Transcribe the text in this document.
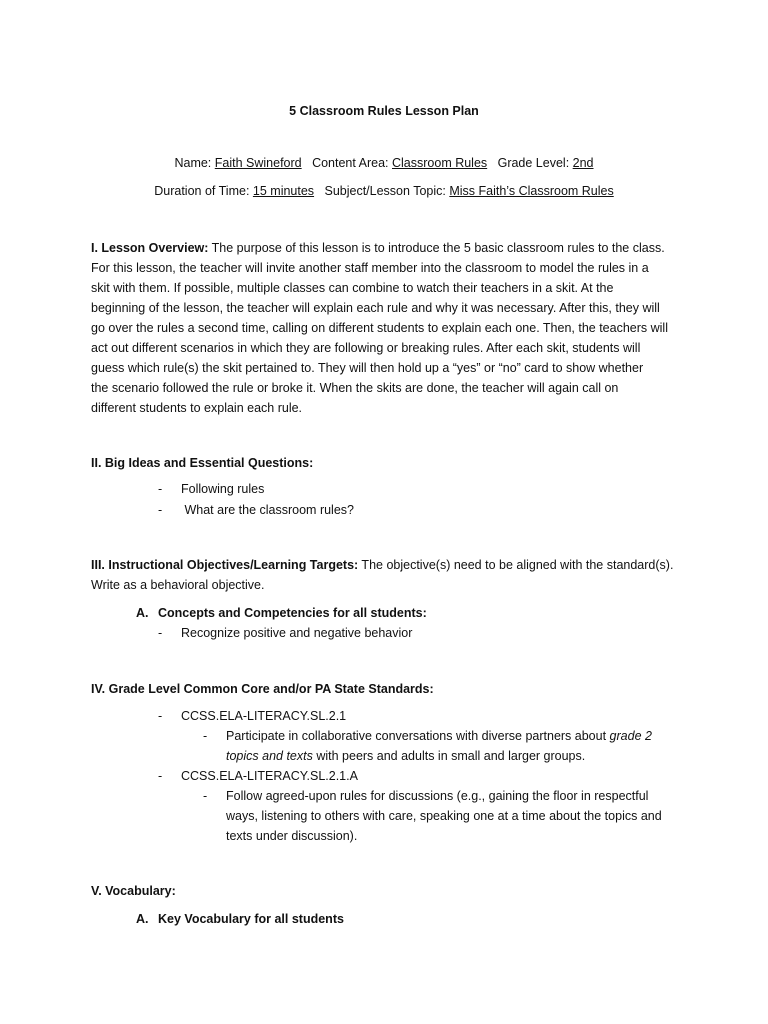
5 Classroom Rules Lesson Plan
Name: Faith Swineford Content Area: Classroom Rules Grade Level: 2nd
Duration of Time: 15 minutes Subject/Lesson Topic: Miss Faith’s Classroom Rules
I. Lesson Overview: The purpose of this lesson is to introduce the 5 basic classroom rules to the class.
For this lesson, the teacher will invite another staff member into the classroom to model the rules in a
skit with them. If possible, multiple classes can combine to watch their teachers in a skit. At the
beginning of the lesson, the teacher will explain each rule and why it was necessary. After this, they will
go over the rules a second time, calling on different students to explain each one. Then, the teachers will
act out different scenarios in which they are following or breaking rules. After each skit, students will
guess which rule(s) the skit pertained to. They will then hold up a “yes” or “no” card to show whether
the scenario followed the rule or broke it. When the skits are done, the teacher will again call on
different students to explain each rule.
II. Big Ideas and Essential Questions:
- Following rules
- What are the classroom rules?
III. Instructional Objectives/Learning Targets: The objective(s) need to be aligned with the standard(s).
Write as a behavioral objective.
A. Concepts and Competencies for all students:
- Recognize positive and negative behavior
IV. Grade Level Common Core and/or PA State Standards:
- CCSS.ELA-LITERACY.SL.2.1
- Participate in collaborative conversations with diverse partners about grade 2
topics and texts with peers and adults in small and larger groups.
- CCSS.ELA-LITERACY.SL.2.1.A
- Follow agreed-upon rules for discussions (e.g., gaining the floor in respectful
ways, listening to others with care, speaking one at a time about the topics and
texts under discussion).
V. Vocabulary:
A. Key Vocabulary for all students
